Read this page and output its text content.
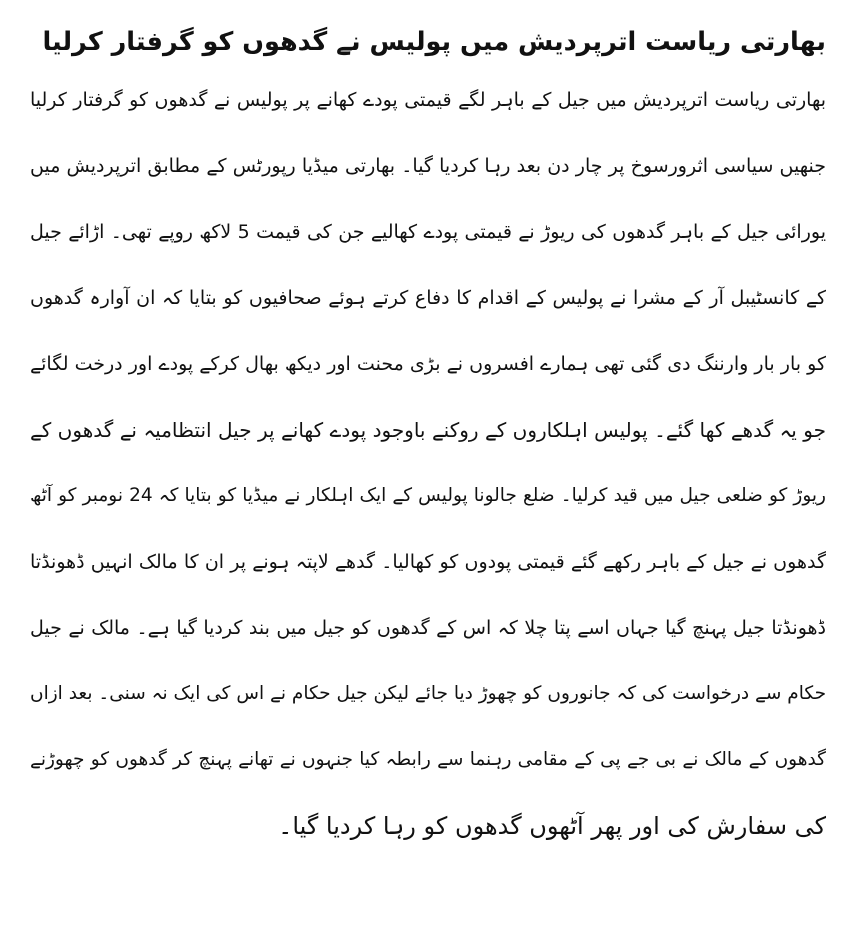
بھارتی ریاست اترپردیش میں پولیس نے گدھوں کو گرفتار کرلیا
بھارتی ریاست اترپردیش میں جیل کے باہر لگے قیمتی پودے کھانے پر پولیس نے گدھوں کو گرفتار کرلیا
جنھیں سیاسی اثرورسوخ پر چار دن بعد رہا کردیا گیا۔ بھارتی میڈیا رپورٹس کے مطابق اترپردیش میں
یورائی جیل کے باہر گدھوں کی ریوڑ نے قیمتی پودے کھالیے جن کی قیمت 5 لاکھ روپے تھی۔ اڑائے جیل
کے کانسٹیبل آر کے مشرا نے پولیس کے اقدام کا دفاع کرتے ہوئے صحافیوں کو بتایا کہ ان آوارہ گدھوں
کو بار بار وارننگ دی گئی تھی ہمارے افسروں نے بڑی محنت اور دیکھ بھال کرکے پودے اور درخت لگائے
جو یہ گدھے کھا گئے۔ پولیس اہلکاروں کے روکنے باوجود پودے کھانے پر جیل انتظامیہ نے گدھوں کے
ریوڑ کو ضلعی جیل میں قید کرلیا۔ ضلع جالونا پولیس کے ایک اہلکار نے میڈیا کو بتایا کہ 24 نومبر کو آٹھ
گدھوں نے جیل کے باہر رکھے گئے قیمتی پودوں کو کھالیا۔ گدھے لاپتہ ہونے پر ان کا مالک انہیں ڈھونڈتا
ڈھونڈتا جیل پہنچ گیا جہاں اسے پتا چلا کہ اس کے گدھوں کو جیل میں بند کردیا گیا ہے۔ مالک نے جیل
حکام سے درخواست کی کہ جانوروں کو چھوڑ دیا جائے لیکن جیل حکام نے اس کی ایک نہ سنی۔ بعد ازاں
گدھوں کے مالک نے بی جے پی کے مقامی رہنما سے رابطہ کیا جنہوں نے تھانے پہنچ کر گدھوں کو چھوڑنے
کی سفارش کی اور پھر آٹھوں گدھوں کو رہا کردیا گیا۔
